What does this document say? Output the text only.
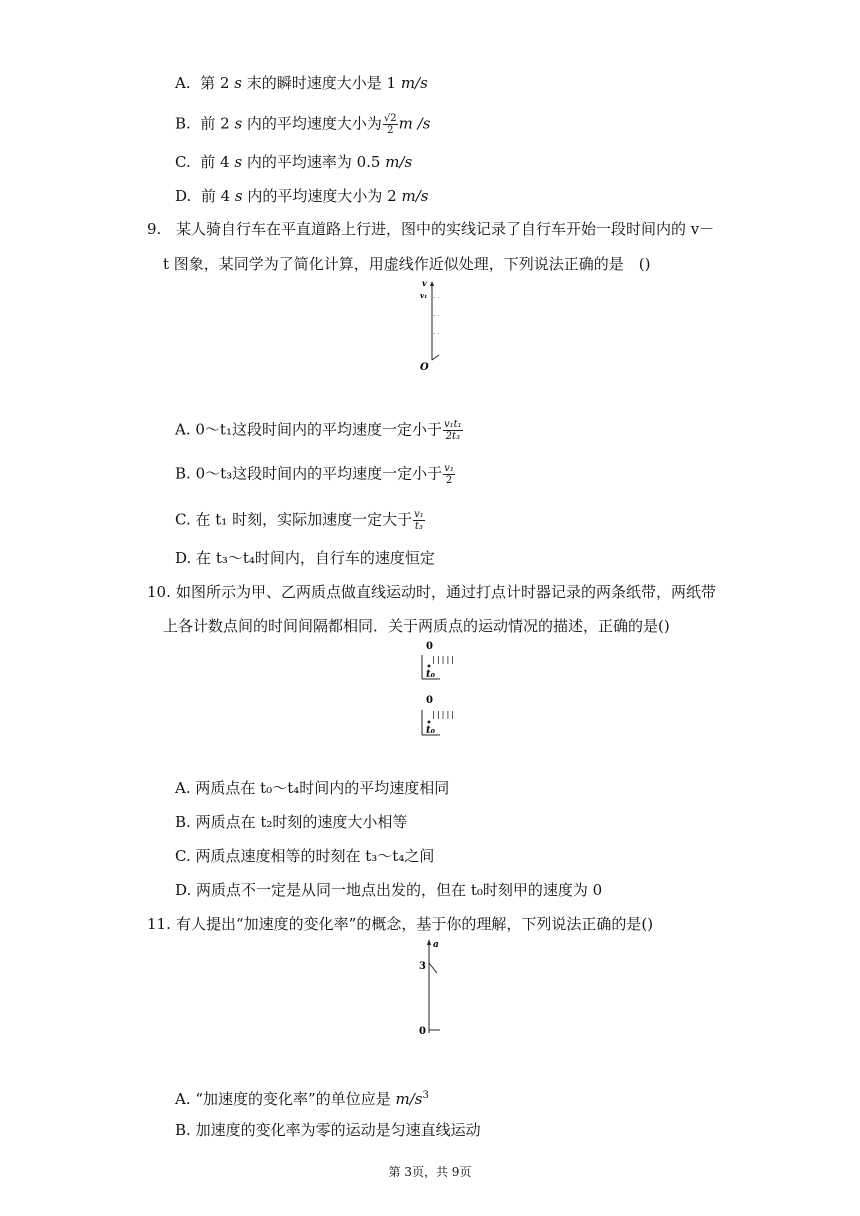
A. 第 2 s 末的瞬时速度大小是 1 m/s
B. 前 2 s 内的平均速度大小为 $\frac{√2}{2}$ m /s
C. 前 4 s 内的平均速率为 0.5 m/s
D. 前 4 s 内的平均速度大小为 2 m/s
9. 某人骑自行车在平直道路上行进，图中的实线记录了自行车开始一段时间内的 v－
t 图象，某同学为了简化计算，用虚线作近似处理，下列说法正确的是　()
v
v₁ . .
. .
. .
O
A. 0～t₁这段时间内的平均速度一定小于 $\frac{\text{v₁t₁}}{\text{2t₃}}$
B. 0～t₃这段时间内的平均速度一定小于 $\frac{\text{v₁}}{2}$
C. 在 t₁ 时刻，实际加速度一定大于 $\frac{\text{v₁}}{\text{t₃}}$
D. 在 t₃～t₄时间内，自行车的速度恒定
10. 如图所示为甲、乙两质点做直线运动时，通过打点计时器记录的两条纸带，两纸带
上各计数点间的时间间隔都相同．关于两质点的运动情况的描述，正确的是()
0
|||||
t₀
0
|||||
t₀
A. 两质点在 t₀～t₄时间内的平均速度相同
B. 两质点在 t₂时刻的速度大小相等
C. 两质点速度相等的时刻在 t₃～t₄之间
D. 两质点不一定是从同一地点出发的，但在 t₀时刻甲的速度为 0
11. 有人提出“加速度的变化率”的概念，基于你的理解，下列说法正确的是()
a
3
0
A. “加速度的变化率”的单位应是 $m/s^3$
B. 加速度的变化率为零的运动是匀速直线运动
第 3页，共 9页
